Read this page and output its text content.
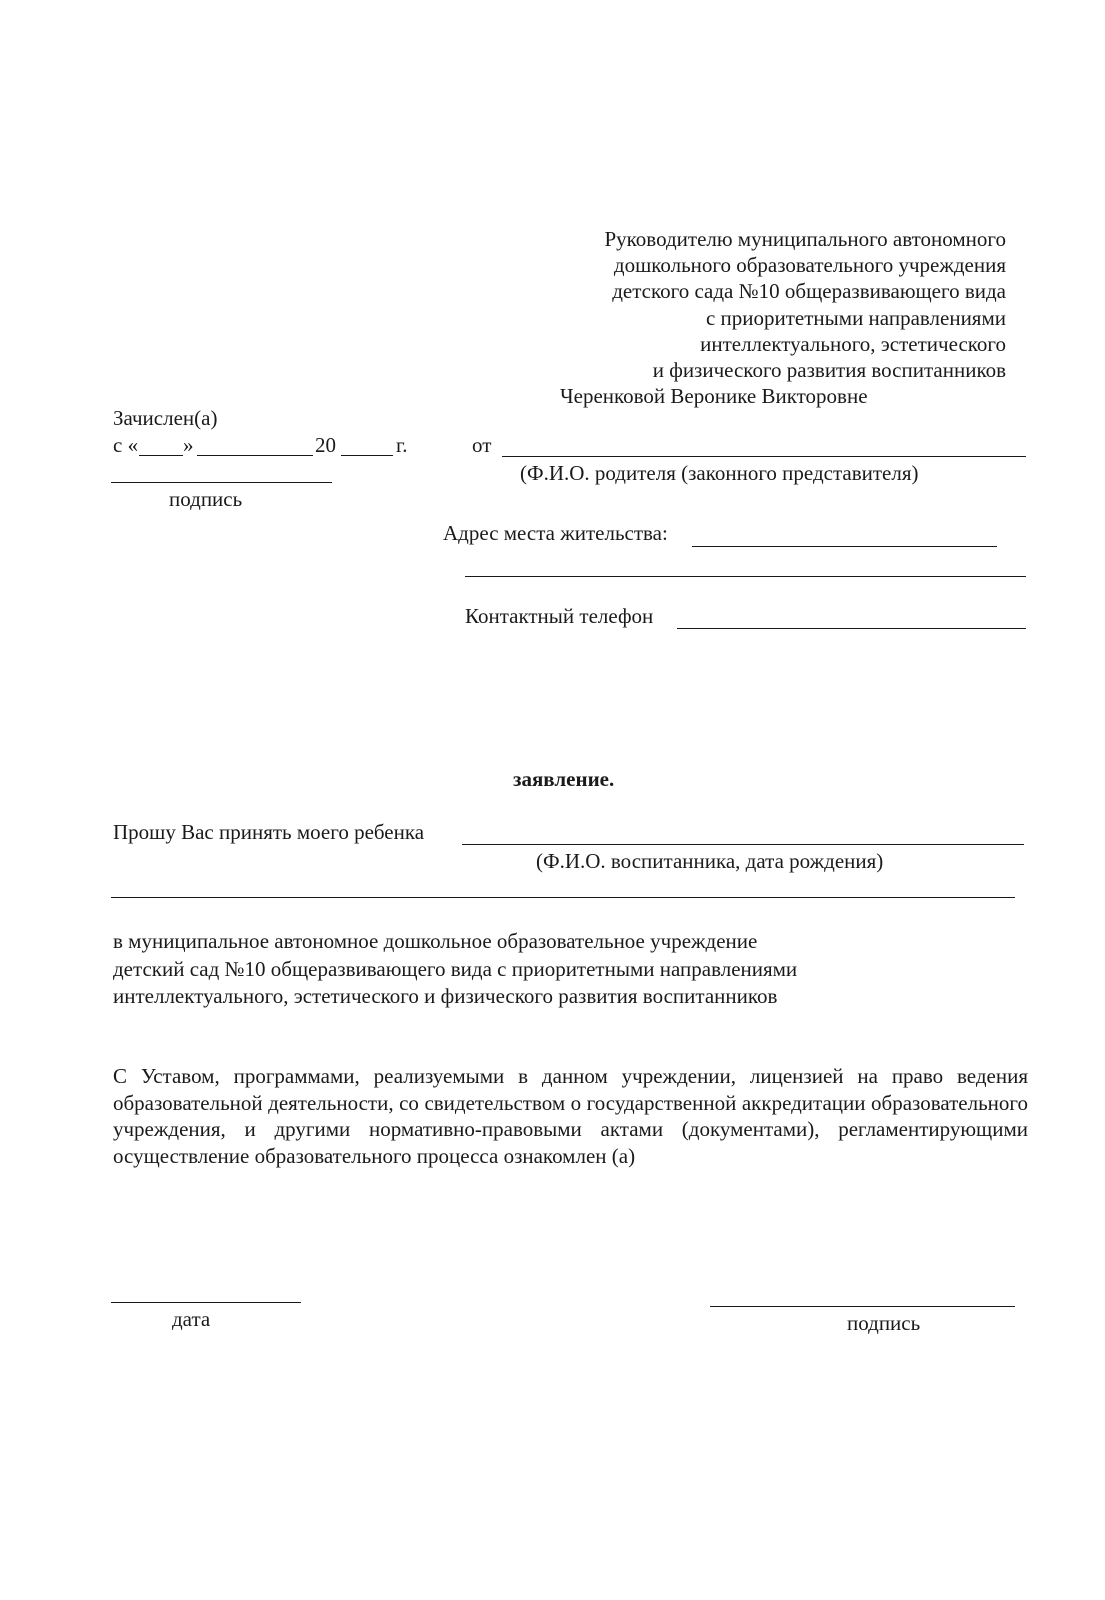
Руководителю муниципального автономного
дошкольного образовательного учреждения
детского сада №10 общеразвивающего вида
с приоритетными направлениями
интеллектуального, эстетического
и физического развития воспитанников
Черенковой Веронике Викторовне
Зачислен(а)
с « »	20	г.
подпись
от
(Ф.И.О. родителя (законного представителя)
Адрес места жительства:
Контактный телефон
заявление.
Прошу Вас принять моего ребенка
(Ф.И.О. воспитанника, дата рождения)
в муниципальное автономное дошкольное образовательное учреждение
детский сад №10 общеразвивающего вида с приоритетными направлениями
интеллектуального, эстетического и физического развития воспитанников
С Уставом, программами, реализуемыми в данном учреждении, лицензией на право ведения образовательной деятельности, со свидетельством о государственной аккредитации образовательного учреждения, и другими нормативно-правовыми актами (документами), регламентирующими осуществление образовательного процесса ознакомлен (а)
дата	подпись
